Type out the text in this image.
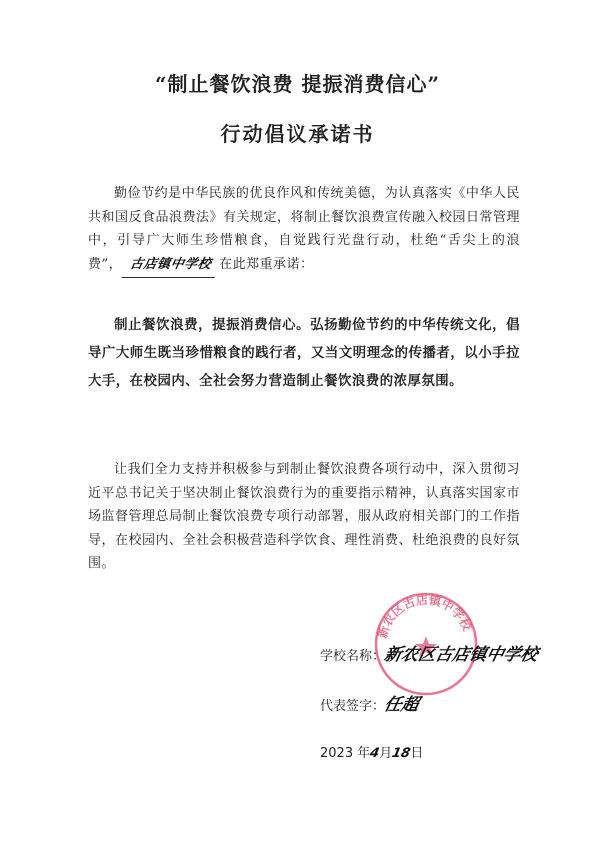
“制止餐饮浪费 提振消费信心”
行动倡议承诺书
勤俭节约是中华民族的优良作风和传统美德，为认真落实《中华人民共和国反食品浪费法》有关规定，将制止餐饮浪费宣传融入校园日常管理中，引导广大师生珍惜粮食，自觉践行光盘行动，杜绝“舌尖上的浪费”， 古店镇中学校 在此郑重承诺：
制止餐饮浪费，提振消费信心。弘扬勤俭节约的中华传统文化，倡导广大师生既当珍惜粮食的践行者，又当文明理念的传播者，以小手拉大手，在校园内、全社会努力营造制止餐饮浪费的浓厚氛围。
让我们全力支持并积极参与到制止餐饮浪费各项行动中，深入贯彻习近平总书记关于坚决制止餐饮浪费行为的重要指示精神，认真落实国家市场监督管理总局制止餐饮浪费专项行动部署，服从政府相关部门的工作指导，在校园内、全社会积极营造科学饮食、理性消费、杜绝浪费的良好氛围。
新农区古店镇中学校
学校名称：新农区古店镇中学校
代表签字：任超
2023 年4月18日
